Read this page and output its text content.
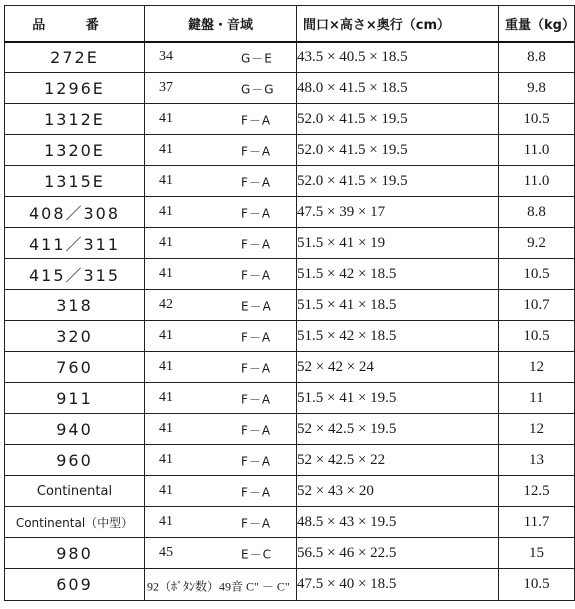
品 番	鍵盤・音域	間口×高さ×奥行（cm）	重量（kg）
272E	34 G－E	43.5 × 40.5 × 18.5	8.8
1296E	37 G－G	48.0 × 41.5 × 18.5	9.8
1312E	41 F－A	52.0 × 41.5 × 19.5	10.5
1320E	41 F－A	52.0 × 41.5 × 19.5	11.0
1315E	41 F－A	52.0 × 41.5 × 19.5	11.0
408／308	41 F－A	47.5 × 39 × 17	8.8
411／311	41 F－A	51.5 × 41 × 19	9.2
415／315	41 F－A	51.5 × 42 × 18.5	10.5
318	42 E－A	51.5 × 41 × 18.5	10.7
320	41 F－A	51.5 × 42 × 18.5	10.5
760	41 F－A	52 × 42 × 24	12
911	41 F－A	51.5 × 41 × 19.5	11
940	41 F－A	52 × 42.5 × 19.5	12
960	41 F－A	52 × 42.5 × 22	13
Continental	41 F－A	52 × 43 × 20	12.5
Continental（中型）	41 F－A	48.5 × 43 × 19.5	11.7
980	45 E－C	56.5 × 46 × 22.5	15
609	92（ﾎﾞﾀﾝ数）49音 C" － C"	47.5 × 40 × 18.5	10.5
